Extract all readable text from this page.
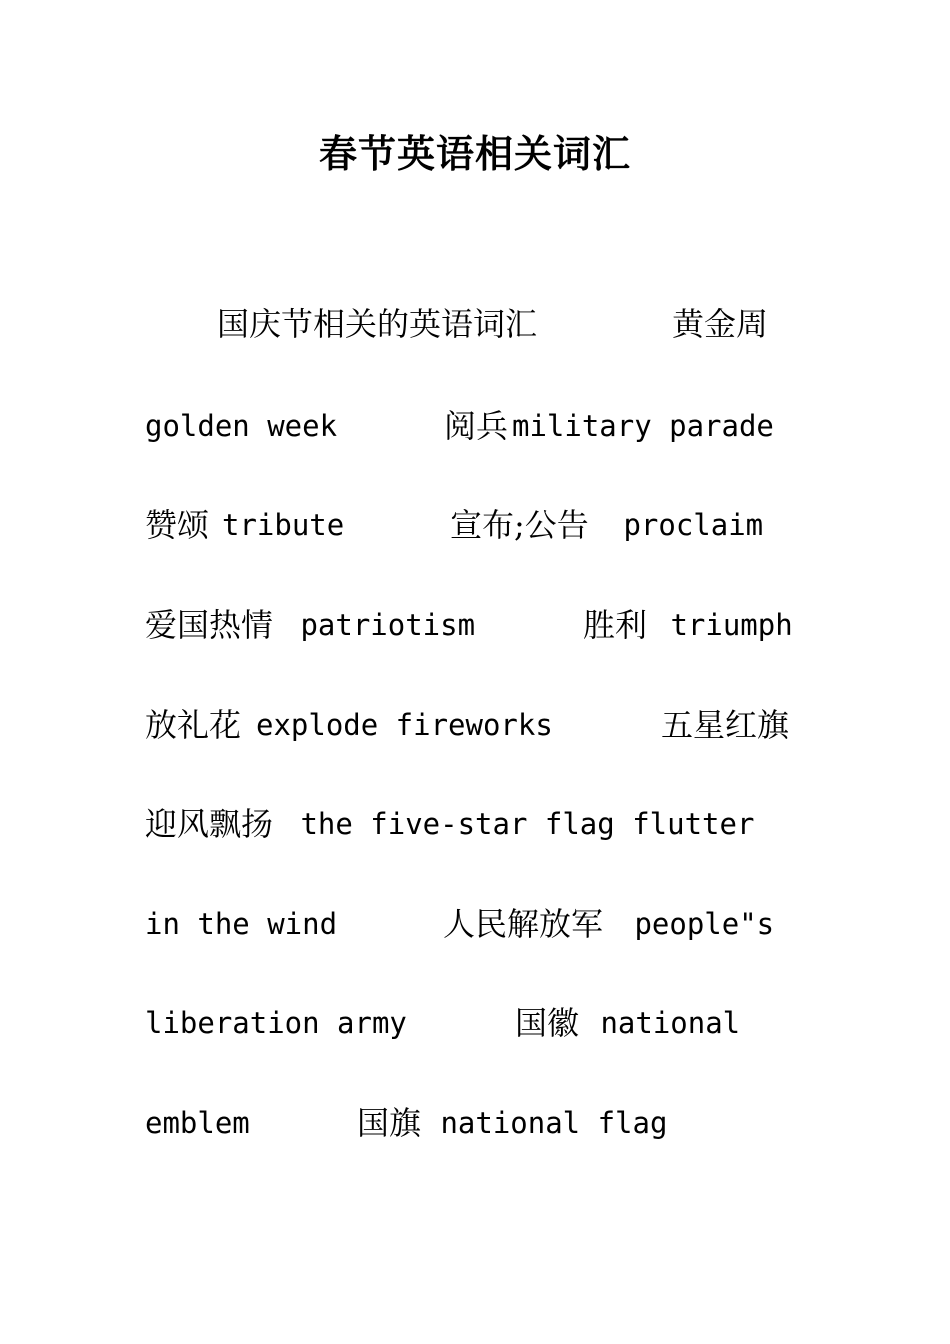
春节英语相关词汇

国庆节相关的英语词汇

	黄金周

golden week

	阅兵

military parade

赞颂

tribute

	宣布;公告

proclaim

爱国热情

patriotism

	胜利

triumph

放礼花

explode fireworks

	五星红旗

迎风飘扬

the five-star flag flutter

in the wind

	人民解放军

people"s

liberation army

	国徽

national

emblem

	国旗

national flag
